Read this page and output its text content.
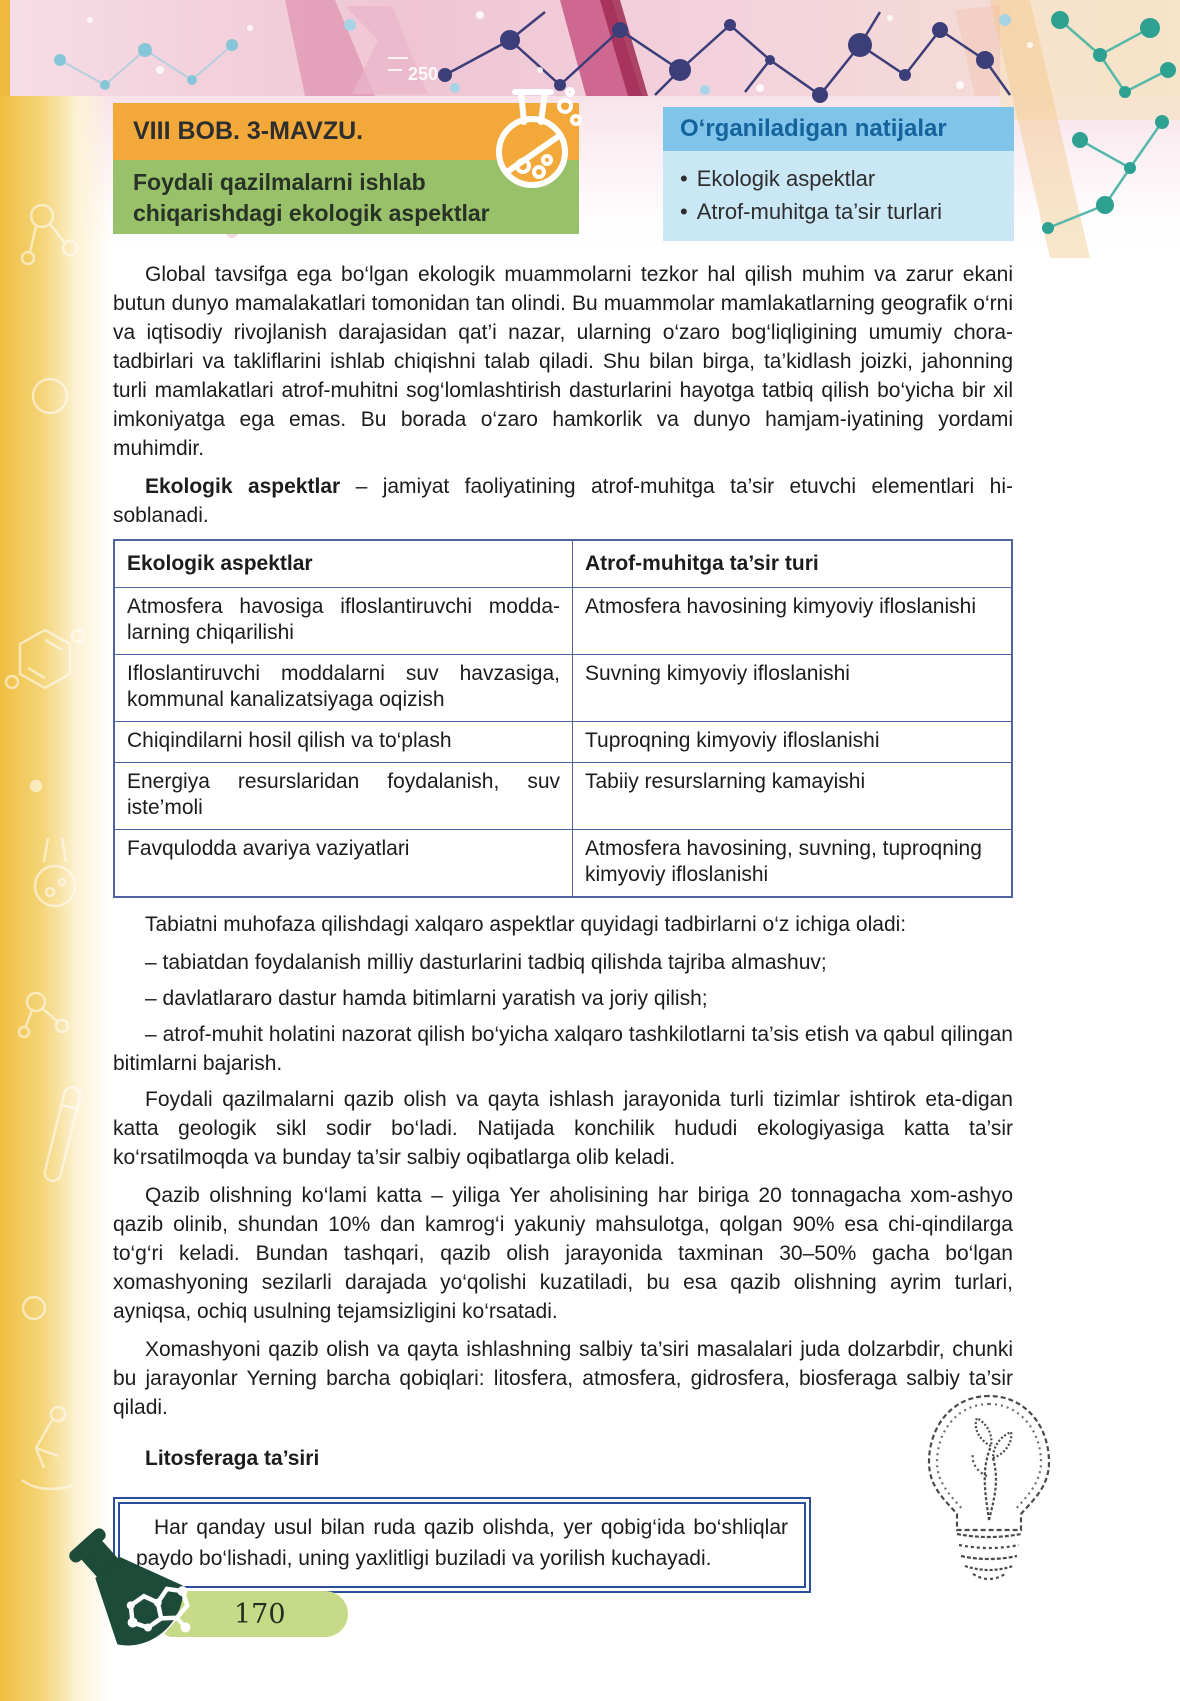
250
VIII BOB. 3-MAVZU.
Foydali qazilmalarni ishlab
chiqarishdagi ekologik aspektlar
O‘rganiladigan natijalar
• Ekologik aspektlar
• Atrof-muhitga ta’sir turlari

Global tavsifga ega bo‘lgan ekologik muammolarni tezkor hal qilish muhim va zarur ekani butun dunyo mamalakatlari tomonidan tan olindi. Bu muammolar mamlakatlarning geografik o‘rni va iqtisodiy rivojlanish darajasidan qat’i nazar, ularning o‘zaro bog‘liqligining umumiy chora-tadbirlari va takliflarini ishlab chiqishni talab qiladi. Shu bilan birga, ta’kidlash joizki, jahonning turli mamlakatlari atrof-muhitni sog‘lomlashtirish dasturlarini hayotga tatbiq qilish bo‘yicha bir xil imkoniyatga ega emas. Bu borada o‘zaro hamkorlik va dunyo hamjam-iyatining yordami muhimdir.

Ekologik aspektlar – jamiyat faoliyatining atrof-muhitga ta’sir etuvchi elementlari hi-soblanadi.

Ekologik aspektlar	Atrof-muhitga ta’sir turi
Atmosfera havosiga ifloslantiruvchi modda-larning chiqarilishi	Atmosfera havosining kimyoviy ifloslanishi
Ifloslantiruvchi moddalarni suv havzasiga, kommunal kanalizatsiyaga oqizish	Suvning kimyoviy ifloslanishi
Chiqindilarni hosil qilish va to‘plash	Tuproqning kimyoviy ifloslanishi
Energiya resurslaridan foydalanish, suv iste’moli	Tabiiy resurslarning kamayishi
Favqulodda avariya vaziyatlari	Atmosfera havosining, suvning, tuproqning kimyoviy ifloslanishi

Tabiatni muhofaza qilishdagi xalqaro aspektlar quyidagi tadbirlarni o‘z ichiga oladi:

– tabiatdan foydalanish milliy dasturlarini tadbiq qilishda tajriba almashuv;

– davlatlararo dastur hamda bitimlarni yaratish va joriy qilish;

– atrof-muhit holatini nazorat qilish bo‘yicha xalqaro tashkilotlarni ta’sis etish va qabul qilingan bitimlarni bajarish.

Foydali qazilmalarni qazib olish va qayta ishlash jarayonida turli tizimlar ishtirok eta-digan katta geologik sikl sodir bo‘ladi. Natijada konchilik hududi ekologiyasiga katta ta’sir ko‘rsatilmoqda va bunday ta’sir salbiy oqibatlarga olib keladi.

Qazib olishning ko‘lami katta – yiliga Yer aholisining har biriga 20 tonnagacha xom-ashyo qazib olinib, shundan 10% dan kamrog‘i yakuniy mahsulotga, qolgan 90% esa chi-qindilarga to‘g‘ri keladi. Bundan tashqari, qazib olish jarayonida taxminan 30–50% gacha bo‘lgan xomashyoning sezilarli darajada yo‘qolishi kuzatiladi, bu esa qazib olishning ayrim turlari, ayniqsa, ochiq usulning tejamsizligini ko‘rsatadi.

Xomashyoni qazib olish va qayta ishlashning salbiy ta’siri masalalari juda dolzarbdir, chunki bu jarayonlar Yerning barcha qobiqlari: litosfera, atmosfera, gidrosfera, biosferaga salbiy ta’sir qiladi.

Litosferaga ta’siri
Har qanday usul bilan ruda qazib olishda, yer qobig‘ida bo‘shliqlar paydo bo‘lishadi, uning yaxlitligi buziladi va yorilish kuchayadi.
170
